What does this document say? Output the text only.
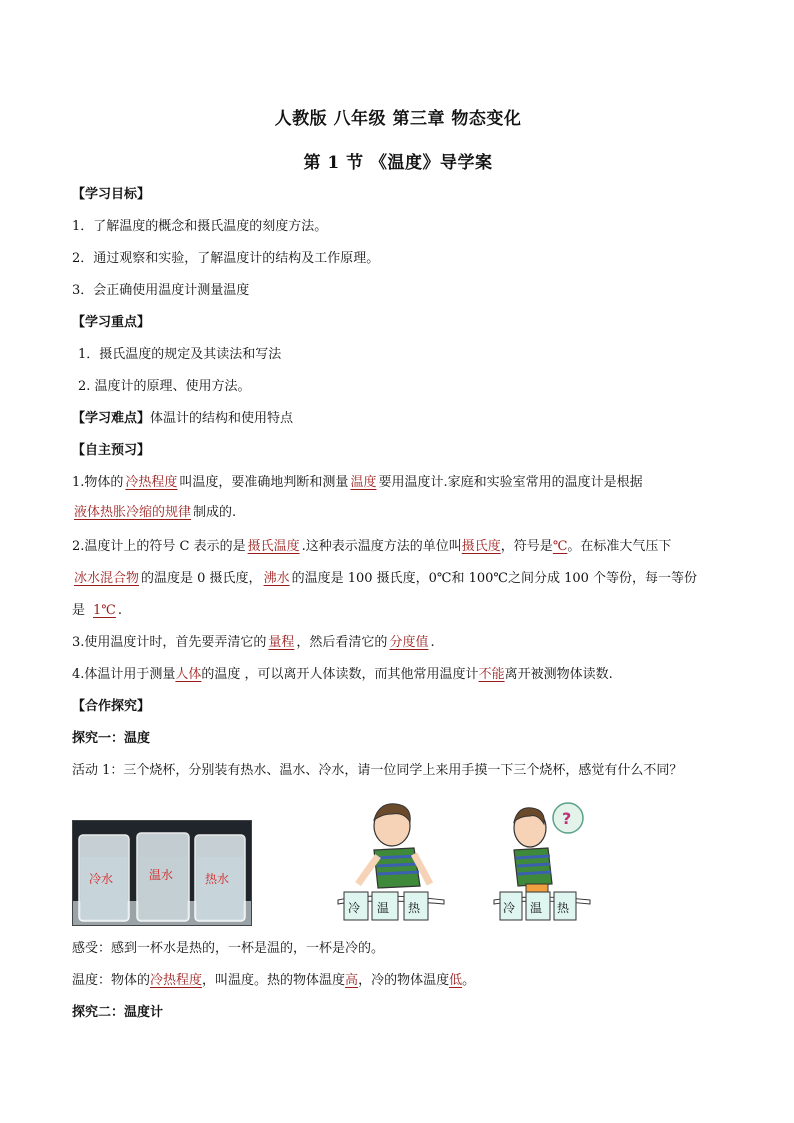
人教版 八年级 第三章 物态变化
第 1 节 《温度》导学案
【学习目标】
1．了解温度的概念和摄氏温度的刻度方法。
2．通过观察和实验，了解温度计的结构及工作原理。
3．会正确使用温度计测量温度
【学习重点】
1．摄氏温度的规定及其读法和写法
2. 温度计的原理、使用方法。
【学习难点】体温计的结构和使用特点
【自主预习】
1.物体的 冷热程度 叫温度，要准确地判断和测量 温度 要用温度计.家庭和实验室常用的温度计是根据
液体热胀冷缩的规律 制成的.
2.温度计上的符号 C 表示的是 摄氏温度 .这种表示温度方法的单位叫摄氏度，符号是℃。在标准大气压下
冰水混合物 的温度是 0 摄氏度， 沸水 的温度是 100 摄氏度，0℃和 100℃之间分成 100 个等份，每一等份
是 1℃ .
3.使用温度计时，首先要弄清它的 量程 ，然后看清它的 分度值 .
4.体温计用于测量人体的温度 ，可以离开人体读数，而其他常用温度计不能离开被测物体读数.
【合作探究】
探究一：温度
活动 1：三个烧杯，分别装有热水、温水、冷水，请一位同学上来用手摸一下三个烧杯，感觉有什么不同？
冷水	温水	热水
冷 温 热
?
冷 温 热
感受：感到一杯水是热的，一杯是温的，一杯是冷的。
温度：物体的冷热程度，叫温度。热的物体温度高，冷的物体温度低。
探究二：温度计
